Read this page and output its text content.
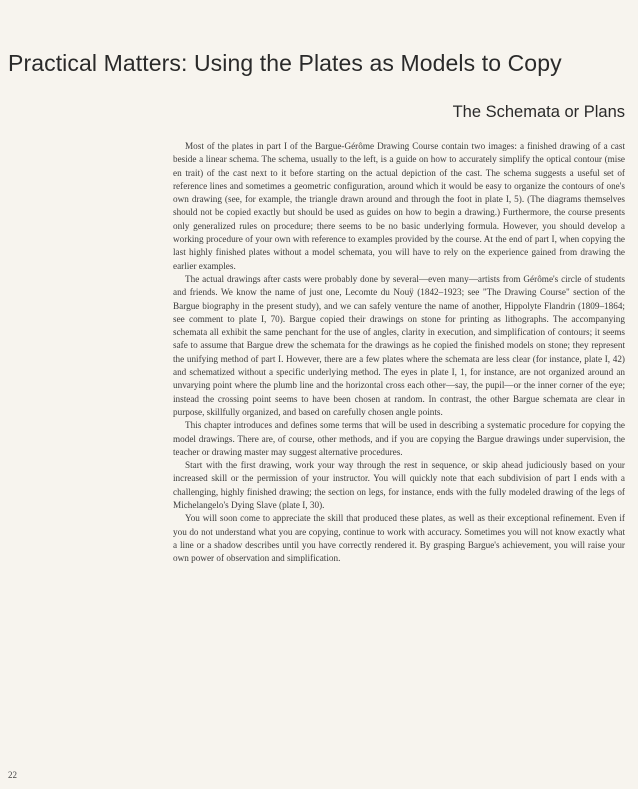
Practical Matters: Using the Plates as Models to Copy
The Schemata or Plans

Most of the plates in part I of the Bargue-Gérôme Drawing Course contain two images: a finished drawing of a cast beside a linear schema. The schema, usually to the left, is a guide on how to accurately simplify the optical contour (mise en trait) of the cast next to it before starting on the actual depiction of the cast. The schema suggests a useful set of reference lines and sometimes a geometric configuration, around which it would be easy to organize the contours of one's own drawing (see, for example, the triangle drawn around and through the foot in plate I, 5). (The diagrams themselves should not be copied exactly but should be used as guides on how to begin a drawing.) Furthermore, the course presents only generalized rules on procedure; there seems to be no basic underlying formula. However, you should develop a working procedure of your own with reference to examples provided by the course. At the end of part I, when copying the last highly finished plates without a model schemata, you will have to rely on the experience gained from drawing the earlier examples.

The actual drawings after casts were probably done by several—even many—artists from Gérôme's circle of students and friends. We know the name of just one, Lecomte du Nouÿ (1842–1923; see "The Drawing Course" section of the Bargue biography in the present study), and we can safely venture the name of another, Hippolyte Flandrin (1809–1864; see comment to plate I, 70). Bargue copied their drawings on stone for printing as lithographs. The accompanying schemata all exhibit the same penchant for the use of angles, clarity in execution, and simplification of contours; it seems safe to assume that Bargue drew the schemata for the drawings as he copied the finished models on stone; they represent the unifying method of part I. However, there are a few plates where the schemata are less clear (for instance, plate I, 42) and schematized without a specific underlying method. The eyes in plate I, 1, for instance, are not organized around an unvarying point where the plumb line and the horizontal cross each other—say, the pupil—or the inner corner of the eye; instead the crossing point seems to have been chosen at random. In contrast, the other Bargue schemata are clear in purpose, skillfully organized, and based on carefully chosen angle points.

This chapter introduces and defines some terms that will be used in describing a systematic procedure for copying the model drawings. There are, of course, other methods, and if you are copying the Bargue drawings under supervision, the teacher or drawing master may suggest alternative procedures.

Start with the first drawing, work your way through the rest in sequence, or skip ahead judiciously based on your increased skill or the permission of your instructor. You will quickly note that each subdivision of part I ends with a challenging, highly finished drawing; the section on legs, for instance, ends with the fully modeled drawing of the legs of Michelangelo's Dying Slave (plate I, 30).

You will soon come to appreciate the skill that produced these plates, as well as their exceptional refinement. Even if you do not understand what you are copying, continue to work with accuracy. Sometimes you will not know exactly what a line or a shadow describes until you have correctly rendered it. By grasping Bargue's achievement, you will raise your own power of observation and simplification.

22
